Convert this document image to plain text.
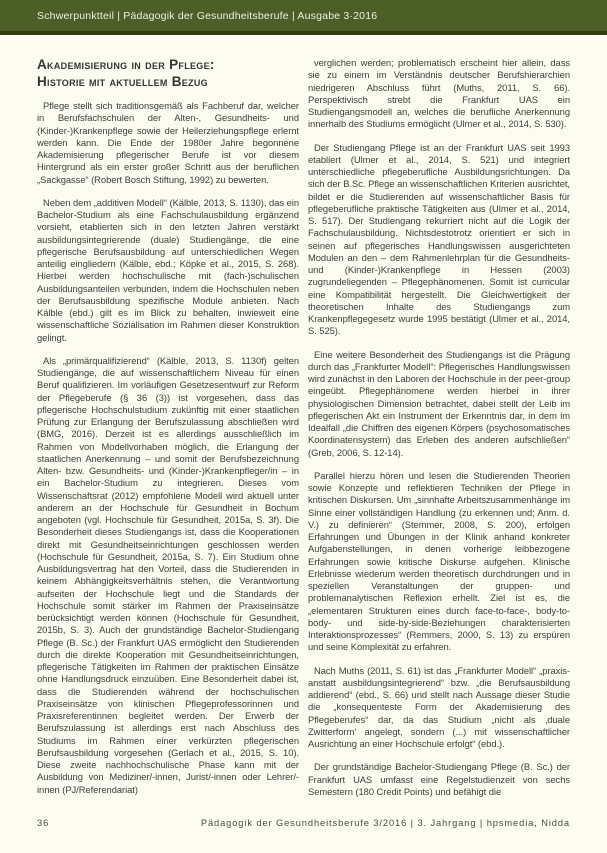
Schwerpunktteil | Pädagogik der Gesundheitsberufe | Ausgabe 3·2016
Akademisierung in der Pflege:
Historie mit aktuellem Bezug

Pflege stellt sich traditionsgemäß als Fachberuf dar, welcher in Berufsfachschulen der Alten-, Gesundheits- und (Kinder-)Krankenpflege sowie der Heilerziehungspflege erlernt werden kann. Die Ende der 1980er Jahre begonnene Akademisierung pflegerischer Berufe ist vor diesem Hintergrund als ein erster großer Schritt aus der beruflichen „Sackgasse“ (Robert Bosch Stiftung, 1992) zu bewerten.

Neben dem „additiven Modell“ (Kälble, 2013, S. 1130), das ein Bachelor-Studium als eine Fachschulausbildung ergänzend vorsieht, etablierten sich in den letzten Jahren verstärkt ausbildungsintegrierende (duale) Studiengänge, die eine pflegerische Berufsausbildung auf unterschiedlichen Wegen anteilig eingliedern (Kälble, ebd.; Köpke et al., 2015, S. 268). Hierbei werden hochschulische mit (fach-)schulischen Ausbildungsanteilen verbunden, indem die Hochschulen neben der Berufsausbildung spezifische Module anbieten. Nach Kälble (ebd.) gilt es im Blick zu behalten, inwieweit eine wissenschaftliche Sozialisation im Rahmen dieser Konstruktion gelingt.

Als „primärqualifizierend“ (Kälble, 2013, S. 1130f) gelten Studiengänge, die auf wissenschaftlichem Niveau für einen Beruf qualifizieren. Im vorläufigen Gesetzesentwurf zur Reform der Pflegeberufe (§ 36 (3)) ist vorgesehen, dass das pflegerische Hochschulstudium zukünftig mit einer staatlichen Prüfung zur Erlangung der Berufszulassung abschließen wird (BMG, 2016). Derzeit ist es allerdings ausschließlich im Rahmen von Modellvorhaben möglich, die Erlangung der staatlichen Anerkennung – und somit der Berufsbezeichnung Alten- bzw. Gesundheits- und (Kinder-)Krankenpfleger/in – in ein Bachelor-Studium zu integrieren. Dieses vom Wissenschaftsrat (2012) empfohlene Modell wird aktuell unter anderem an der Hochschule für Gesundheit in Bochum angeboten (vgl. Hochschule für Gesundheit, 2015a, S. 3f). Die Besonderheit dieses Studiengangs ist, dass die Kooperationen direkt mit Gesundheitseinrichtungen geschlossen werden (Hochschule für Gesundheit, 2015a, S. 7). Ein Studium ohne Ausbildungsvertrag hat den Vorteil, dass die Studierenden in keinem Abhängigkeitsverhältnis stehen, die Verantwortung aufseiten der Hochschule liegt und die Standards der Hochschule somit stärker im Rahmen der Praxiseinsätze berücksichtigt werden können (Hochschule für Gesundheit, 2015b, S. 3). Auch der grundständige Bachelor-Studiengang Pflege (B. Sc.) der Frankfurt UAS ermöglicht den Studierenden durch die direkte Kooperation mit Gesundheitseinrichtungen, pflegerische Tätigkeiten im Rahmen der praktischen Einsätze ohne Handlungsdruck einzuüben. Eine Besonderheit dabei ist, dass die Studierenden während der hochschulischen Praxiseinsätze von klinischen Pflegeprofessorinnen und Praxisreferentinnen begleitet werden. Der Erwerb der Berufszulassung ist allerdings erst nach Abschluss des Studiums im Rahmen einer verkürzten pflegerischen Berufsausbildung vorgesehen (Gerlach et al., 2015, S. 10). Diese zweite nachhochschulische Phase kann mit der Ausbildung von Mediziner/-innen, Jurist/-innen oder Lehrer/-innen (PJ/Referendariat)

verglichen werden; problematisch erscheint hier allein, dass sie zu einem im Verständnis deutscher Berufshierarchien niedrigeren Abschluss führt (Muths, 2011, S. 66). Perspektivisch strebt die Frankfurt UAS ein Studiengangsmodell an, welches die berufliche Anerkennung innerhalb des Studiums ermöglicht (Ulmer et al., 2014, S. 530).

Der Studiengang Pflege ist an der Frankfurt UAS seit 1993 etabliert (Ulmer et al., 2014, S. 521) und integriert unterschiedliche pflegeberufliche Ausbildungsrichtungen. Da sich der B.Sc. Pflege an wissenschaftlichen Kriterien ausrichtet, bildet er die Studierenden auf wissenschaftlicher Basis für pflegeberufliche praktische Tätigkeiten aus (Ulmer et al., 2014, S. 517). Der Studiengang rekurriert nicht auf die Logik der Fachschulausbildung. Nichtsdestotrotz orientiert er sich in seinen auf pflegerisches Handlungswissen ausgerichteten Modulen an den – dem Rahmenlehrplan für die Gesundheits- und (Kinder-)Krankenpflege in Hessen (2003) zugrundeliegenden – Pflegephänomenen. Somit ist curricular eine Kompatibilität hergestellt. Die Gleichwertigkeit der theoretischen Inhalte des Studiengangs zum Krankenpflegegesetz wurde 1995 bestätigt (Ulmer et al., 2014, S. 525).

Eine weitere Besonderheit des Studiengangs ist die Prägung durch das „Frankfurter Modell“: Pflegerisches Handlungswissen wird zunächst in den Laboren der Hochschule in der peer-group eingeübt. Pflegephänomene werden hierbei in ihrer physiologischen Dimension betrachtet, dabei stellt der Leib im pflegerischen Akt ein Instrument der Erkenntnis dar, in dem im Idealfall „die Chiffren des eigenen Körpers (psychosomatisches Koordinatensystem) das Erleben des anderen aufschließen“ (Greb, 2006, S. 12-14).

Parallel hierzu hören und lesen die Studierenden Theorien sowie Konzepte und reflektieren Techniken der Pflege in kritischen Diskursen. Um „sinnhafte Arbeitszusammenhänge im Sinne einer vollständigen Handlung (zu erkennen und; Anm. d. V.) zu definieren“ (Stemmer, 2008, S. 200), erfolgen Erfahrungen und Übungen in der Klinik anhand konkreter Aufgabenstellungen, in denen vorherige leibbezogene Erfahrungen sowie kritische Diskurse aufgehen. Klinische Erlebnisse wiederum werden theoretisch durchdrungen und in speziellen Veranstaltungen der gruppen- und problemanalytischen Reflexion erhellt. Ziel ist es, die „elementaren Strukturen eines durch face-to-face-, body-to-body- und side-by-side-Beziehungen charakterisierten Interaktionsprozesses“ (Remmers, 2000, S. 13) zu erspüren und seine Komplexität zu erfahren.

Nach Muths (2011, S. 61) ist das „Frankfurter Modell“ „praxis- anstatt ausbildungsintegrierend“ bzw. „die Berufsausbildung addierend“ (ebd., S. 66) und stellt nach Aussage dieser Studie die „konsequenteste Form der Akademisierung des Pflegeberufes“ dar, da das Studium „nicht als ‚duale Zwitterform‘ angelegt, sondern (...) mit wissenschaftlicher Ausrichtung an einer Hochschule erfolgt“ (ebd.).

Der grundständige Bachelor-Studiengang Pflege (B. Sc.) der Frankfurt UAS umfasst eine Regelstudienzeit von sechs Semestern (180 Credit Points) und befähigt die

36	Pädagogik der Gesundheitsberufe 3/2016 | 3. Jahrgang | hpsmedia, Nidda
